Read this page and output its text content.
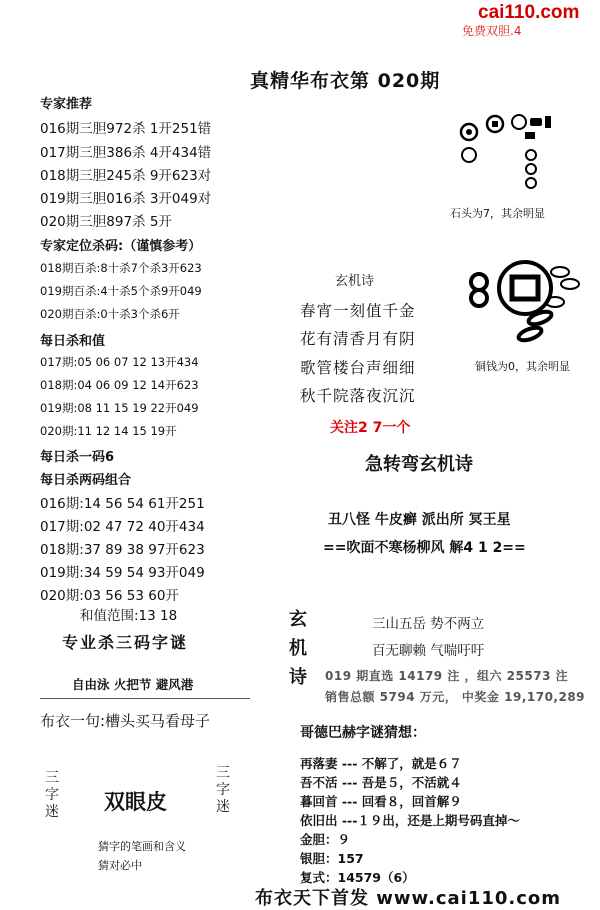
cai110.com
免费双胆.4
真精华布衣第 020期
专家推荐
016期三胆972杀 1开251错
017期三胆386杀 4开434错
018期三胆245杀 9开623对
019期三胆016杀 3开049对
020期三胆897杀 5开
专家定位杀码:（谨慎参考）
018期百杀:8十杀7个杀3开623
019期百杀:4十杀5个杀9开049
020期百杀:0十杀3个杀6开
每日杀和值
017期:05 06 07 12 13开434
018期:04 06 09 12 14开623
019期:08 11 15 19 22开049
020期:11 12 14 15 19开
每日杀一码6
每日杀两码组合
016期:14 56 54 61开251
017期:02 47 72 40开434
018期:37 89 38 97开623
019期:34 59 54 93开049
020期:03 56 53 60开
和值范围:13 18
专业杀三码字谜
自由泳 火把节 避风港
布衣一句:槽头买马看母子
三字迷 双眼皮
三字迷
猜字的笔画和含义
猜对必中
石头为7，其余明显
铜钱为0，其余明显
玄机诗
春宵一刻值千金
花有清香月有阴
歌管楼台声细细
秋千院落夜沉沉
关注2 7一个
急转弯玄机诗
丑八怪 牛皮癣 派出所 冥王星
==吹面不寒杨柳风 解4 1 2==
玄机诗
三山五岳 势不两立
百无聊赖 气喘吁吁
019 期直选 14179 注 ，组六 25573 注
销售总额 5794 万元， 中奖金 19,170,289
哥德巴赫字谜猜想：
再落妻 --- 不解了，就是６７
吾不活 --- 吾是５，不活就４
暮回首 --- 回看８，回首解９
依旧出 ---１９出，还是上期号码直掉～
金胆：９
银胆：157
复式：14579（6）
布衣天下首发 www.cai110.com
